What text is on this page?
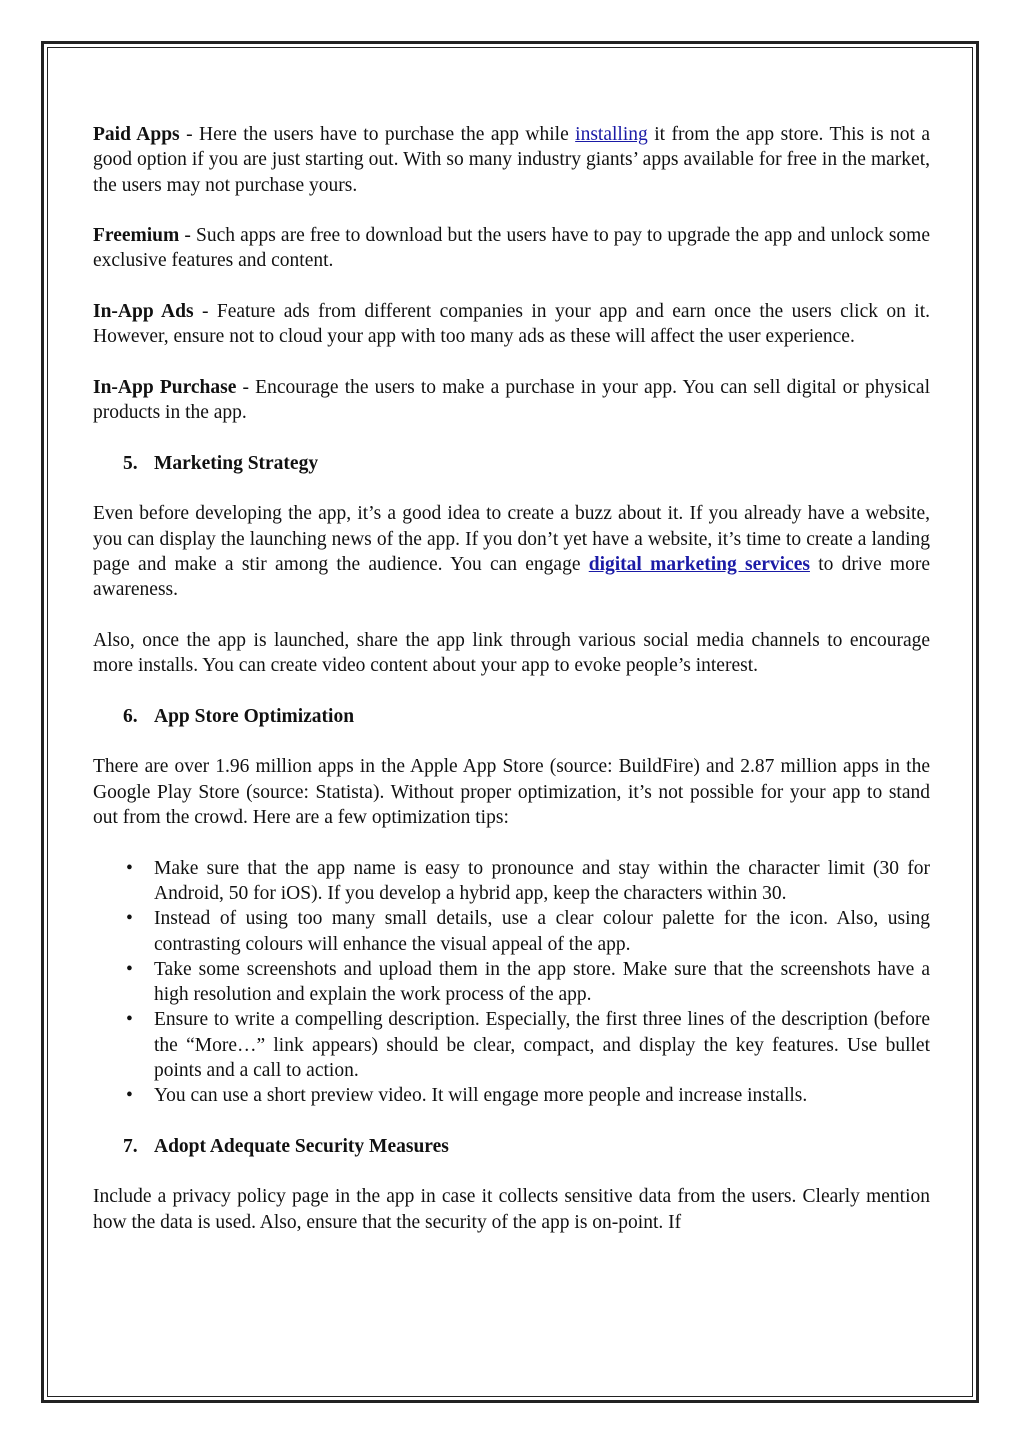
Paid Apps - Here the users have to purchase the app while installing it from the app store. This is not a good option if you are just starting out. With so many industry giants’ apps available for free in the market, the users may not purchase yours.

Freemium - Such apps are free to download but the users have to pay to upgrade the app and unlock some exclusive features and content.

In-App Ads - Feature ads from different companies in your app and earn once the users click on it. However, ensure not to cloud your app with too many ads as these will affect the user experience.

In-App Purchase - Encourage the users to make a purchase in your app. You can sell digital or physical products in the app.

5. Marketing Strategy

Even before developing the app, it’s a good idea to create a buzz about it. If you already have a website, you can display the launching news of the app. If you don’t yet have a website, it’s time to create a landing page and make a stir among the audience. You can engage digital marketing services to drive more awareness.

Also, once the app is launched, share the app link through various social media channels to encourage more installs. You can create video content about your app to evoke people’s interest.

6. App Store Optimization

There are over 1.96 million apps in the Apple App Store (source: BuildFire) and 2.87 million apps in the Google Play Store (source: Statista). Without proper optimization, it’s not possible for your app to stand out from the crowd. Here are a few optimization tips:

• Make sure that the app name is easy to pronounce and stay within the character limit (30 for Android, 50 for iOS). If you develop a hybrid app, keep the characters within 30.
• Instead of using too many small details, use a clear colour palette for the icon. Also, using contrasting colours will enhance the visual appeal of the app.
• Take some screenshots and upload them in the app store. Make sure that the screenshots have a high resolution and explain the work process of the app.
• Ensure to write a compelling description. Especially, the first three lines of the description (before the “More…” link appears) should be clear, compact, and display the key features. Use bullet points and a call to action.
• You can use a short preview video. It will engage more people and increase installs.
7. Adopt Adequate Security Measures

Include a privacy policy page in the app in case it collects sensitive data from the users. Clearly mention how the data is used. Also, ensure that the security of the app is on-point. If
